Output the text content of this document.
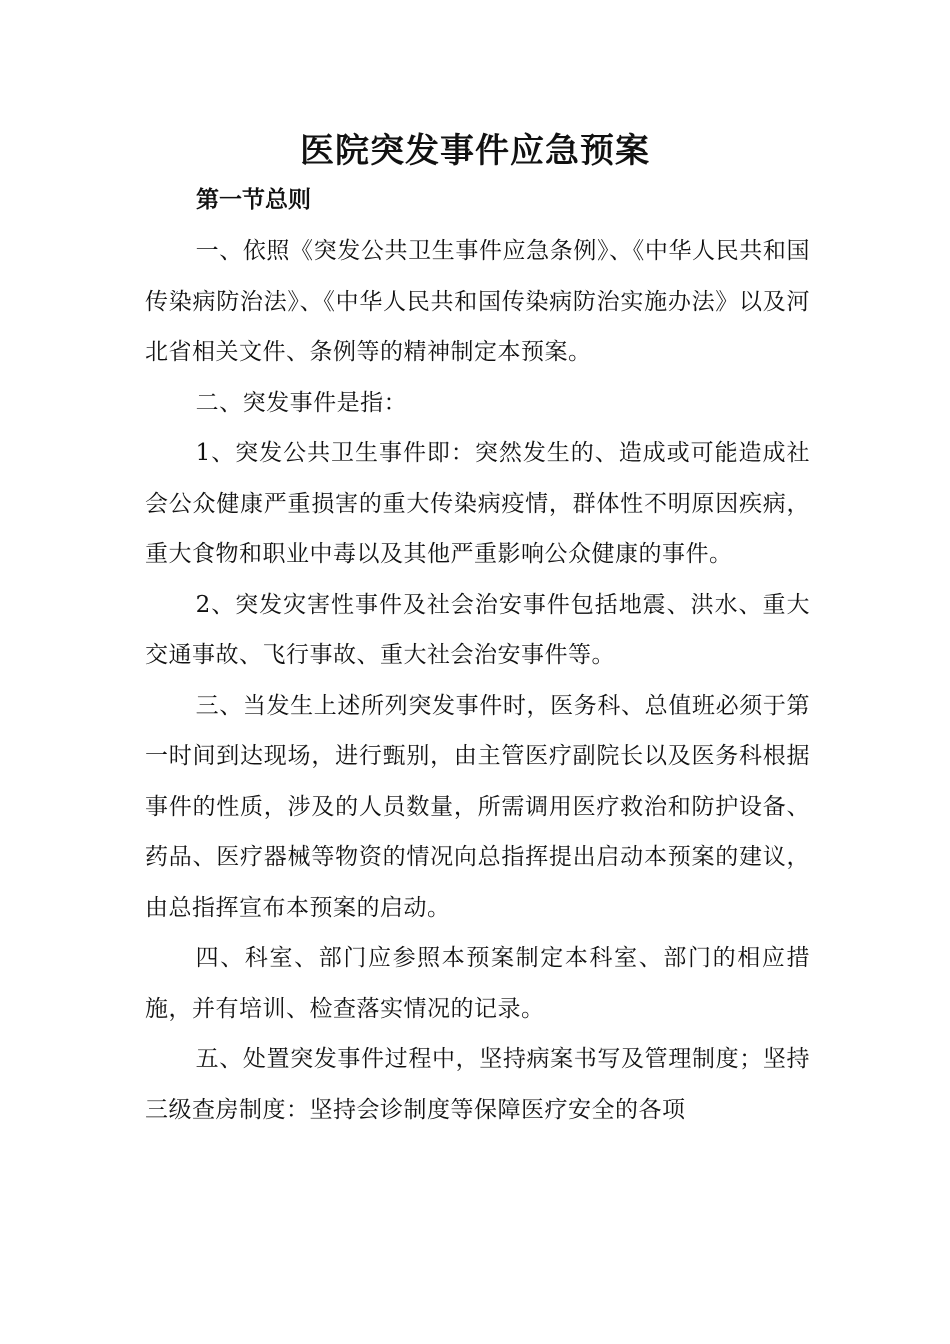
医院突发事件应急预案
第一节总则

一、依照《突发公共卫生事件应急条例》、《中华人民共和国传染病防治法》、《中华人民共和国传染病防治实施办法》以及河北省相关文件、条例等的精神制定本预案。

二、突发事件是指：

1、突发公共卫生事件即：突然发生的、造成或可能造成社会公众健康严重损害的重大传染病疫情，群体性不明原因疾病，重大食物和职业中毒以及其他严重影响公众健康的事件。

2、突发灾害性事件及社会治安事件包括地震、洪水、重大交通事故、飞行事故、重大社会治安事件等。

三、当发生上述所列突发事件时，医务科、总值班必须于第一时间到达现场，进行甄别，由主管医疗副院长以及医务科根据事件的性质，涉及的人员数量，所需调用医疗救治和防护设备、药品、医疗器械等物资的情况向总指挥提出启动本预案的建议，由总指挥宣布本预案的启动。

四、科室、部门应参照本预案制定本科室、部门的相应措施，并有培训、检查落实情况的记录。

五、处置突发事件过程中，坚持病案书写及管理制度；坚持三级查房制度：坚持会诊制度等保障医疗安全的各项
